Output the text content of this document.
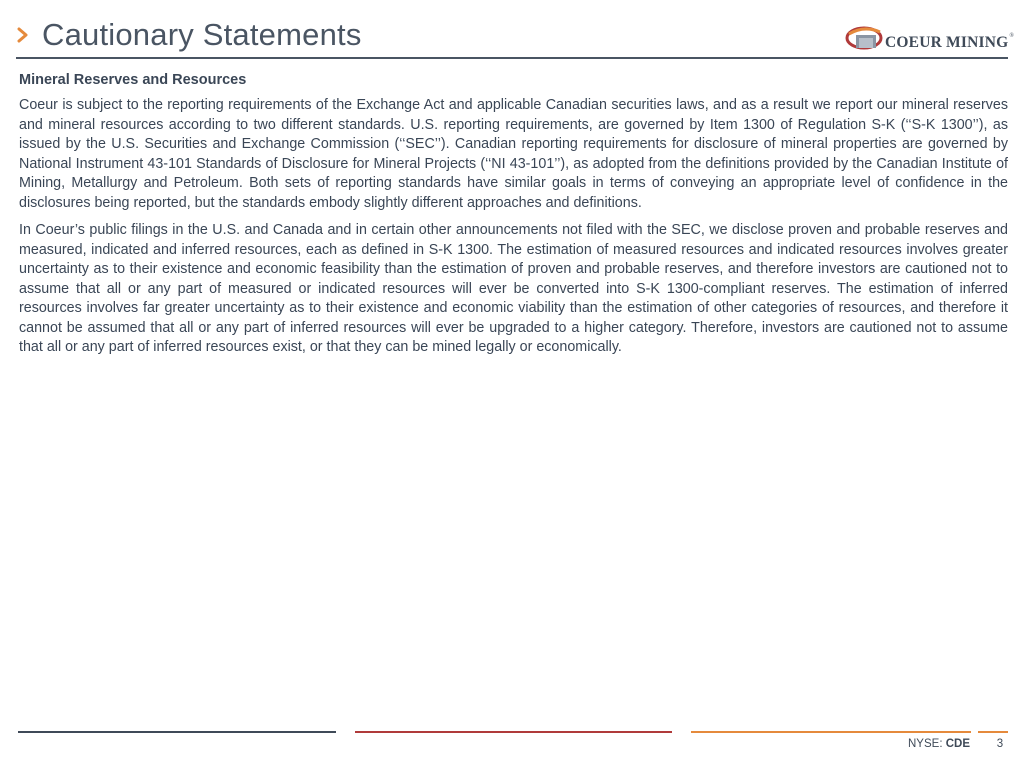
Cautionary Statements	COEUR MINING®
Mineral Reserves and Resources

Coeur is subject to the reporting requirements of the Exchange Act and applicable Canadian securities laws, and as a result we report our mineral reserves and mineral resources according to two different standards. U.S. reporting requirements, are governed by Item 1300 of Regulation S-K (‘‘S-K 1300’’), as issued by the U.S. Securities and Exchange Commission (‘‘SEC’’). Canadian reporting requirements for disclosure of mineral properties are governed by National Instrument 43-101 Standards of Disclosure for Mineral Projects (‘‘NI 43-101’’), as adopted from the definitions provided by the Canadian Institute of Mining, Metallurgy and Petroleum. Both sets of reporting standards have similar goals in terms of conveying an appropriate level of confidence in the disclosures being reported, but the standards embody slightly different approaches and definitions.

In Coeur’s public filings in the U.S. and Canada and in certain other announcements not filed with the SEC, we disclose proven and probable reserves and measured, indicated and inferred resources, each as defined in S-K 1300. The estimation of measured resources and indicated resources involves greater uncertainty as to their existence and economic feasibility than the estimation of proven and probable reserves, and therefore investors are cautioned not to assume that all or any part of measured or indicated resources will ever be converted into S-K 1300-compliant reserves. The estimation of inferred resources involves far greater uncertainty as to their existence and economic viability than the estimation of other categories of resources, and therefore it cannot be assumed that all or any part of inferred resources will ever be upgraded to a higher category. Therefore, investors are cautioned not to assume that all or any part of inferred resources exist, or that they can be mined legally or economically.

NYSE: CDE	3
